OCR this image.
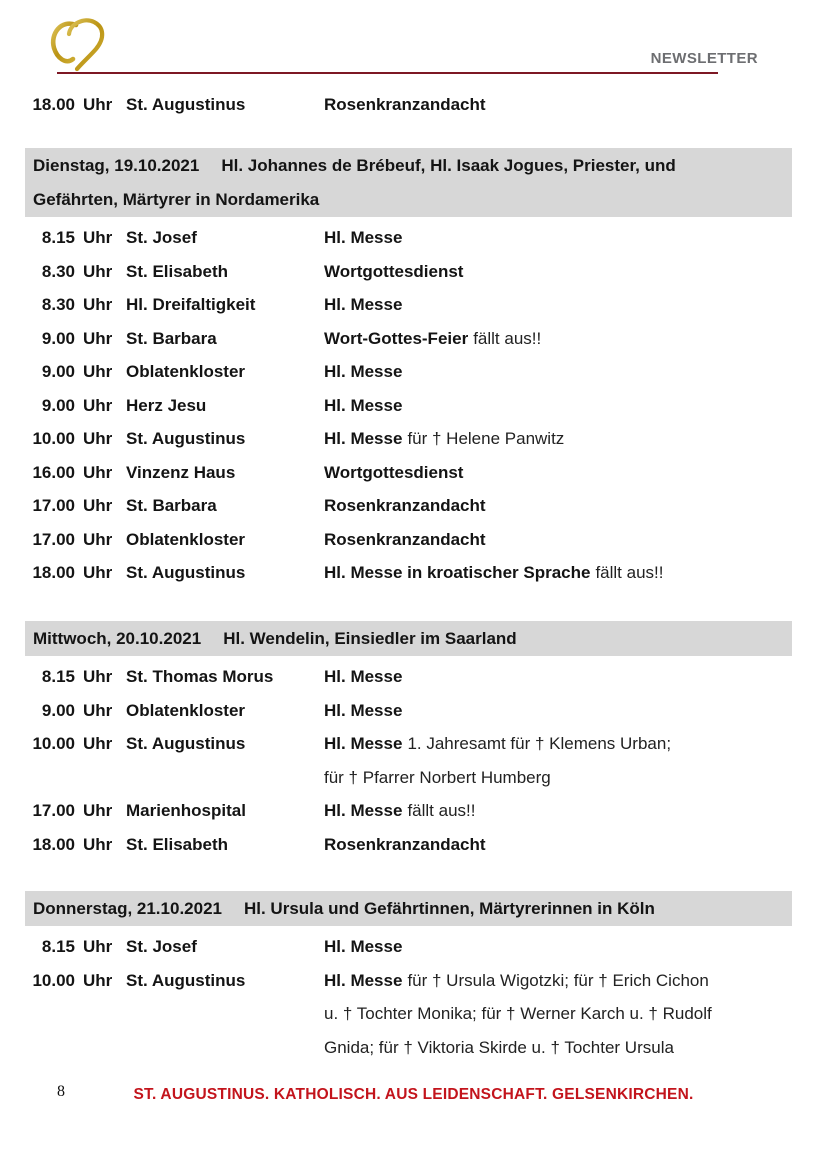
NEWSLETTER
18.00 Uhr St. Augustinus	Rosenkranzandacht
Dienstag, 19.10.2021 Hl. Johannes de Brébeuf, Hl. Isaak Jogues, Priester, und
Gefährten, Märtyrer in Nordamerika
8.15 Uhr St. Josef	Hl. Messe
8.30 Uhr St. Elisabeth	Wortgottesdienst
8.30 Uhr Hl. Dreifaltigkeit	Hl. Messe
9.00 Uhr St. Barbara	Wort-Gottes-Feier fällt aus!!
9.00 Uhr Oblatenkloster	Hl. Messe
9.00 Uhr Herz Jesu	Hl. Messe
10.00 Uhr St. Augustinus	Hl. Messe für † Helene Panwitz
16.00 Uhr Vinzenz Haus	Wortgottesdienst
17.00 Uhr St. Barbara	Rosenkranzandacht
17.00 Uhr Oblatenkloster	Rosenkranzandacht
18.00 Uhr St. Augustinus	Hl. Messe in kroatischer Sprache fällt aus!!
Mittwoch, 20.10.2021 Hl. Wendelin, Einsiedler im Saarland
8.15 Uhr St. Thomas Morus	Hl. Messe
9.00 Uhr Oblatenkloster	Hl. Messe
10.00 Uhr St. Augustinus	Hl. Messe 1. Jahresamt für † Klemens Urban;
für † Pfarrer Norbert Humberg
17.00 Uhr Marienhospital	Hl. Messe fällt aus!!
18.00 Uhr St. Elisabeth	Rosenkranzandacht
Donnerstag, 21.10.2021 Hl. Ursula und Gefährtinnen, Märtyrerinnen in Köln
8.15 Uhr St. Josef	Hl. Messe
10.00 Uhr St. Augustinus	Hl. Messe für † Ursula Wigotzki; für † Erich Cichon
u. † Tochter Monika; für † Werner Karch u. † Rudolf
Gnida; für † Viktoria Skirde u. † Tochter Ursula
8	ST. AUGUSTINUS. KATHOLISCH. AUS LEIDENSCHAFT. GELSENKIRCHEN.
